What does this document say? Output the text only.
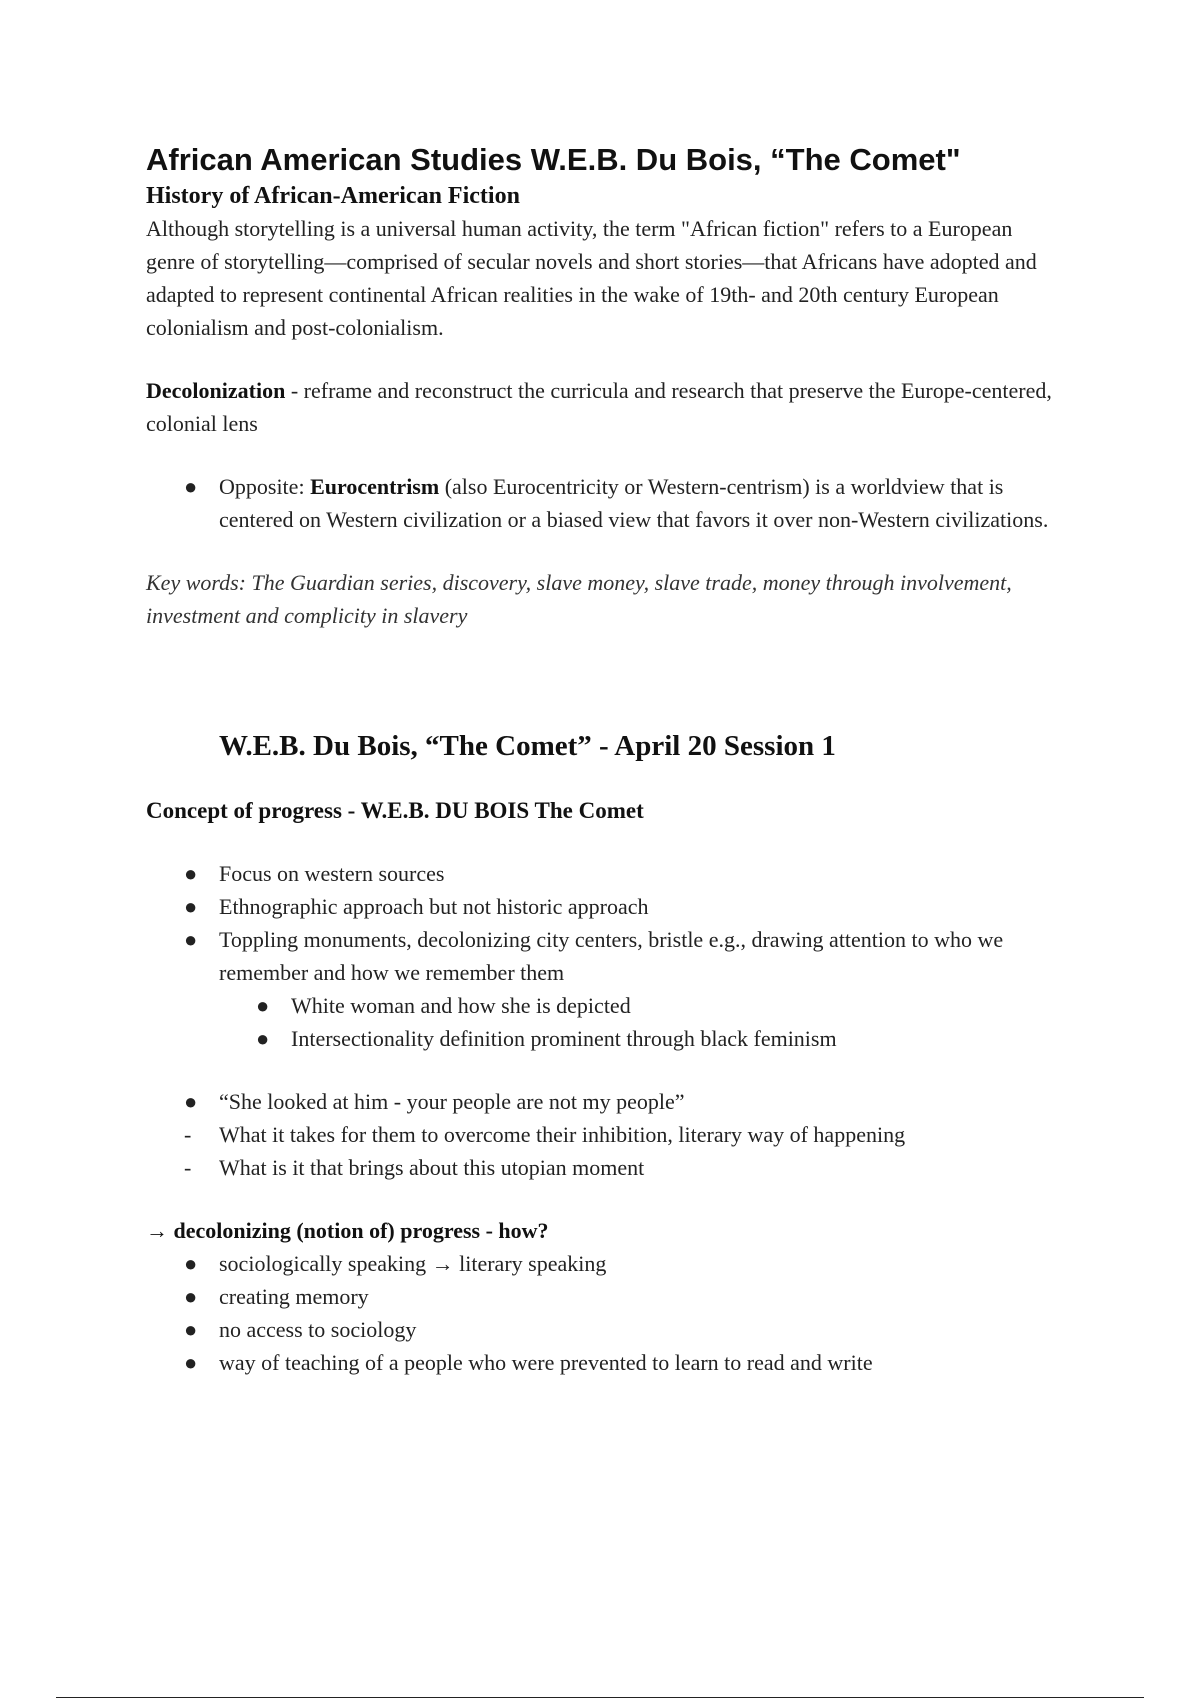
African American Studies W.E.B. Du Bois, “The Comet"
History of African-American Fiction

Although storytelling is a universal human activity, the term "African fiction" refers to a European genre of storytelling—comprised of secular novels and short stories—that Africans have adopted and adapted to represent continental African realities in the wake of 19th- and 20th century European colonialism and post-colonialism.

Decolonization - reframe and reconstruct the curricula and research that preserve the Europe-centered, colonial lens

● Opposite: Eurocentrism (also Eurocentricity or Western-centrism) is a worldview that is centered on Western civilization or a biased view that favors it over non-Western civilizations.

Key words: The Guardian series, discovery, slave money, slave trade, money through involvement, investment and complicity in slavery

W.E.B. Du Bois, “The Comet” - April 20 Session 1
Concept of progress - W.E.B. DU BOIS The Comet
● Focus on western sources
● Ethnographic approach but not historic approach
● Toppling monuments, decolonizing city centers, bristle e.g., drawing attention to who we remember and how we remember them
● White woman and how she is depicted
● Intersectionality definition prominent through black feminism
● “She looked at him - your people are not my people”
-	What it takes for them to overcome their inhibition, literary way of happening
-	What is it that brings about this utopian moment

→ decolonizing (notion of) progress - how?

● sociologically speaking → literary speaking
● creating memory
● no access to sociology
● way of teaching of a people who were prevented to learn to read and write
